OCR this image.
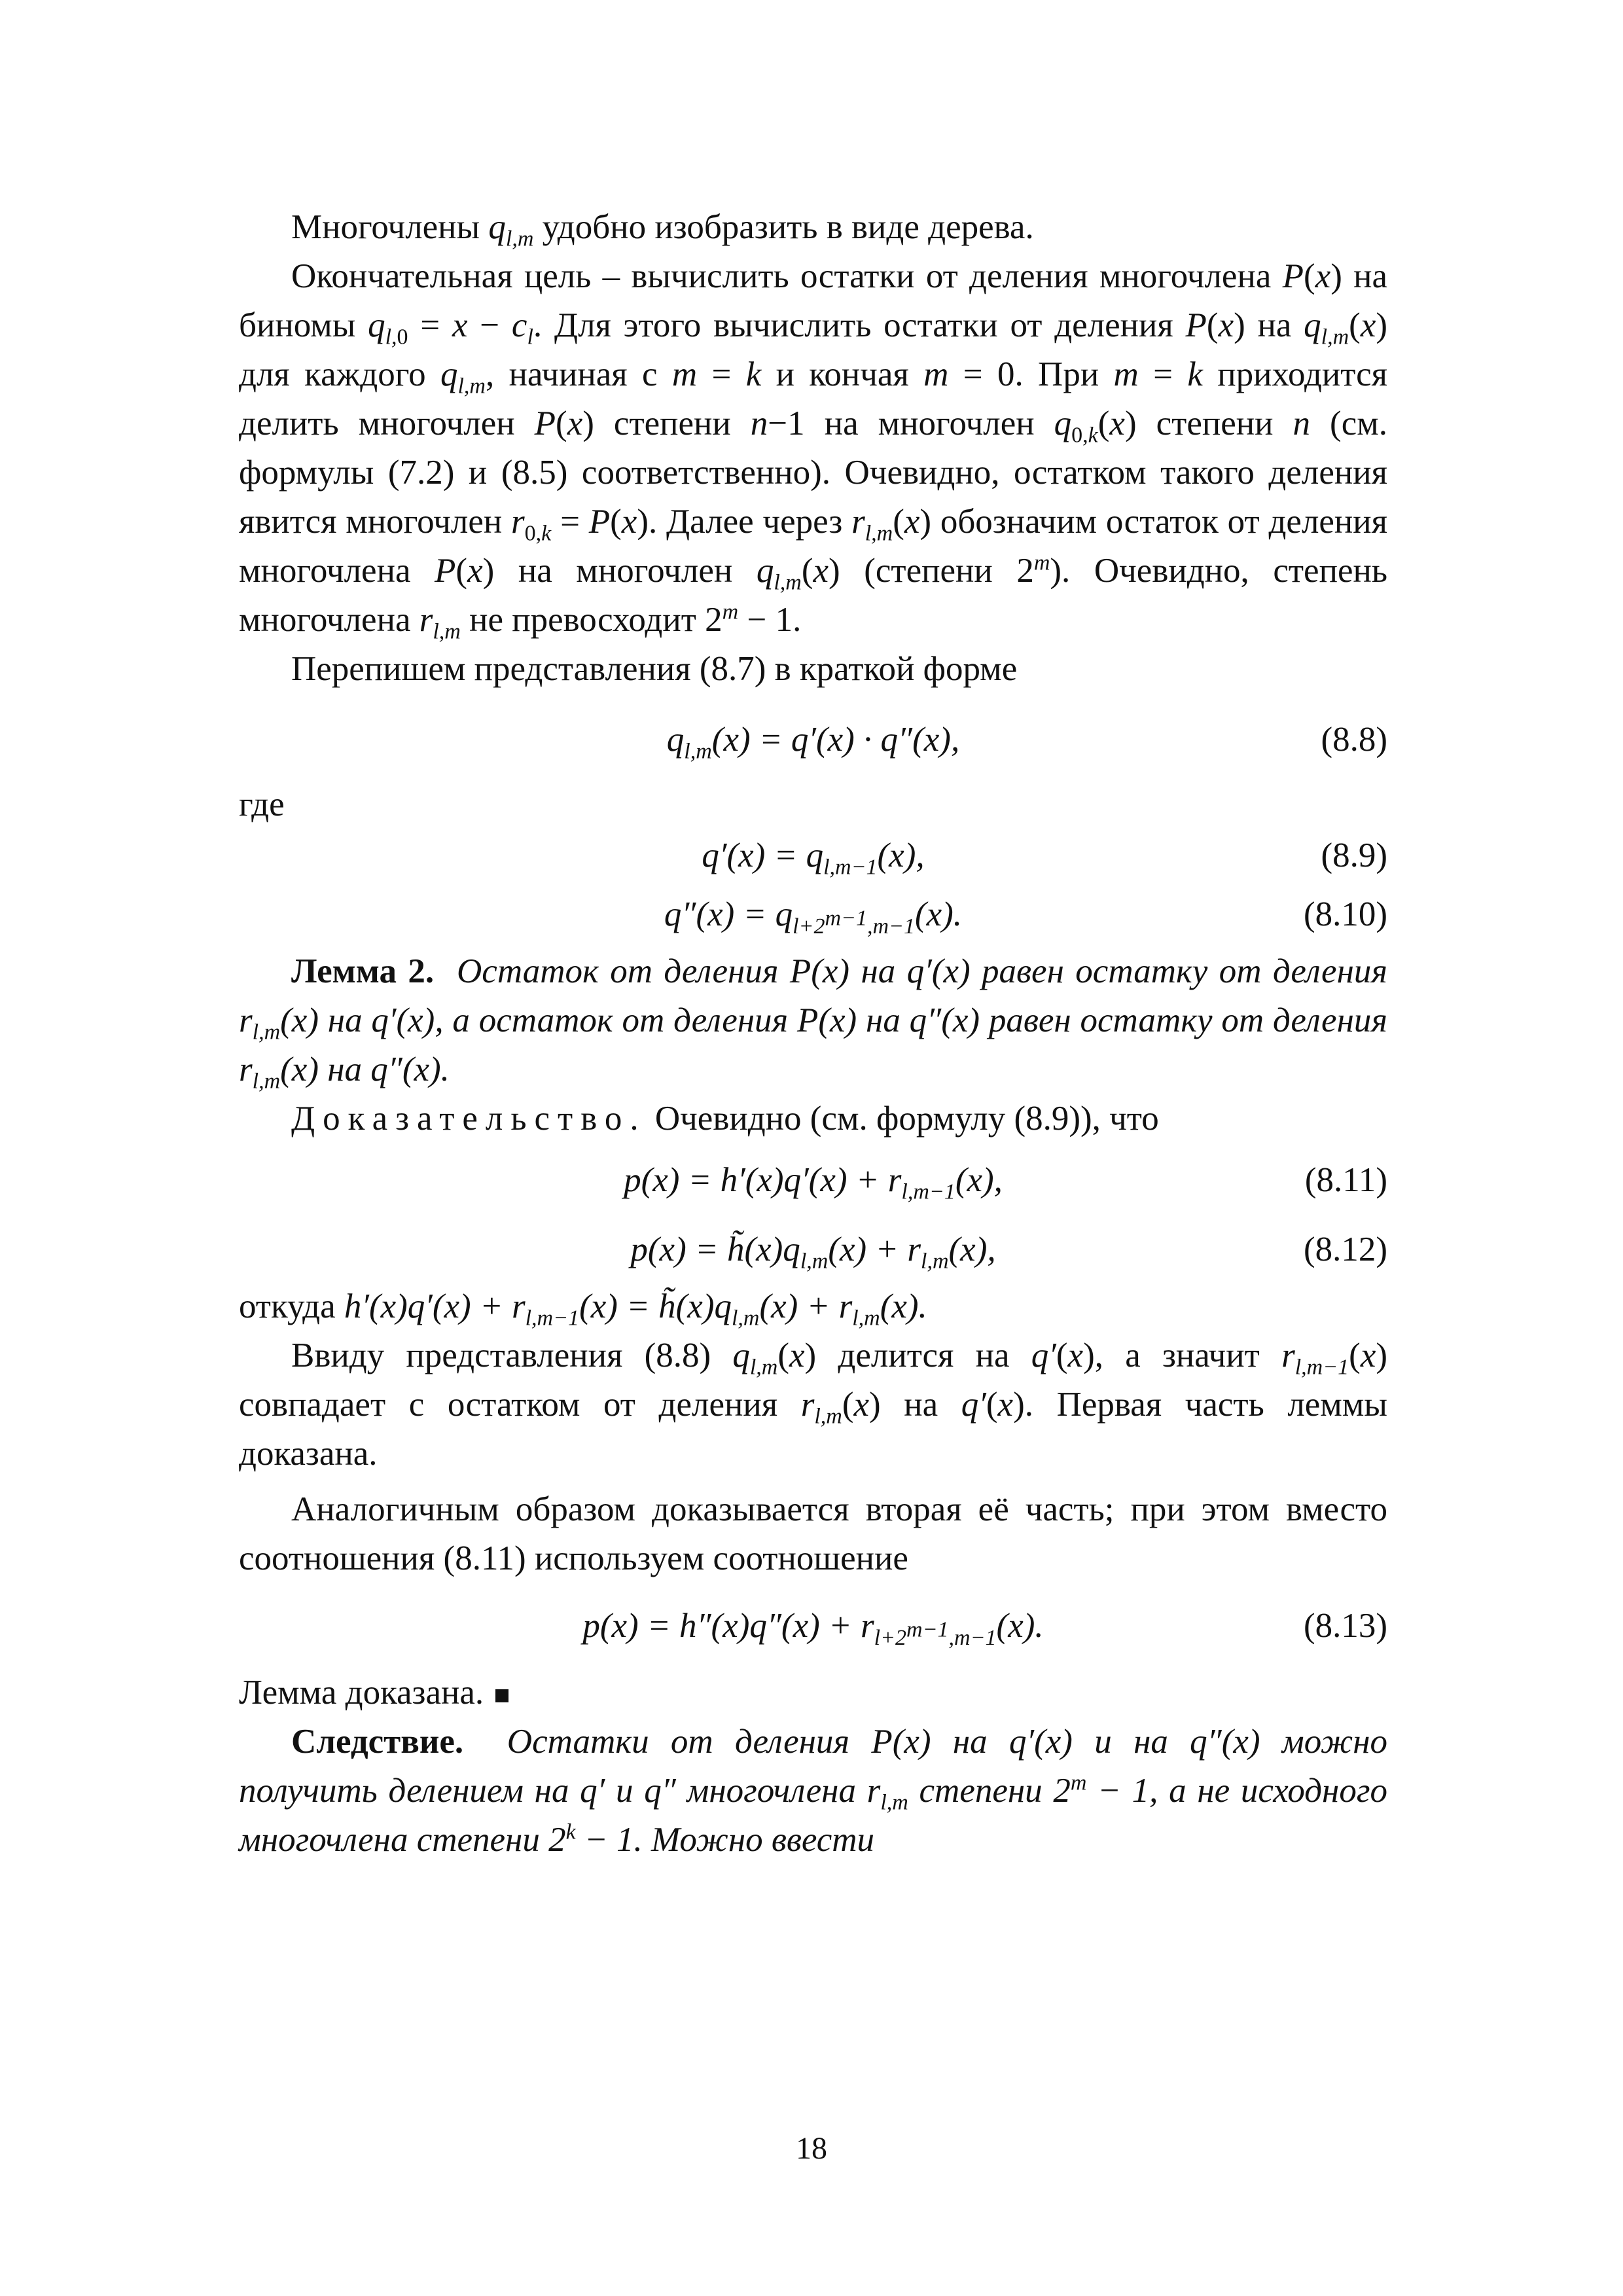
Многочлены $q_{l,m}$ удобно изобразить в виде дерева.

Окончательная цель – вычислить остатки от деления многочлена P(x) на биномы $q_{l,0} = x - c_l$. Для этого вычислить остатки от деления P(x) на $q_{l,m}(x)$ для каждого $q_{l,m}$, начиная с m = k и кончая m = 0. При m = k приходится делить многочлен P(x) степени n−1 на многочлен $q_{0,k}(x)$ степени n (см. формулы (7.2) и (8.5) соответственно). Очевидно, остатком такого деления явится многочлен $r_{0,k} = P(x)$. Далее через $r_{l,m}(x)$ обозначим остаток от деления многочлена P(x) на многочлен $q_{l,m}(x)$ (степени 2$^m$). Очевидно, степень многочлена $r_{l,m}$ не превосходит $2^m - 1$.

Перепишем представления (8.7) в краткой форме

$q_{l,m}(x) = q'(x) \cdot q''(x)$,	(8.8)

где

$q'(x) = q_{l,m-1}(x)$,	(8.9)
$q''(x) = q_{l+2^{m-1},m-1}(x)$.	(8.10)

Лемма 2. Остаток от деления P(x) на q′(x) равен остатку от деления $r_{l,m}(x)$ на q′(x), а остаток от деления P(x) на q″(x) равен остатку от деления $r_{l,m}(x)$ на q″(x).

Доказательство. Очевидно (см. формулу (8.9)), что

$p(x) = h'(x)q'(x) + r_{l,m-1}(x)$,	(8.11)
$p(x) = h̃(x)q_{l,m}(x) + r_{l,m}(x)$,	(8.12)

откуда $h'(x)q'(x) + r_{l,m-1}(x)$ = $h̃(x)q_{l,m}(x) + r_{l,m}(x)$.

Ввиду представления (8.8) $q_{l,m}(x)$ делится на q′(x), а значит $r_{l,m-1}(x)$ совпадает с остатком от деления $r_{l,m}(x)$ на q′(x). Первая часть леммы доказана.

Аналогичным образом доказывается вторая её часть; при этом вместо соотношения (8.11) используем соотношение

$p(x) = h''(x)q''(x) + r_{l+2^{m-1},m-1}(x)$.	(8.13)

Лемма доказана.

Следствие. Остатки от деления P(x) на q′(x) и на q″(x) можно получить делением на q′ и q″ многочлена $r_{l,m}$ степени $2^m - 1$, а не исходного многочлена степени $2^k - 1$. Можно ввести

18
